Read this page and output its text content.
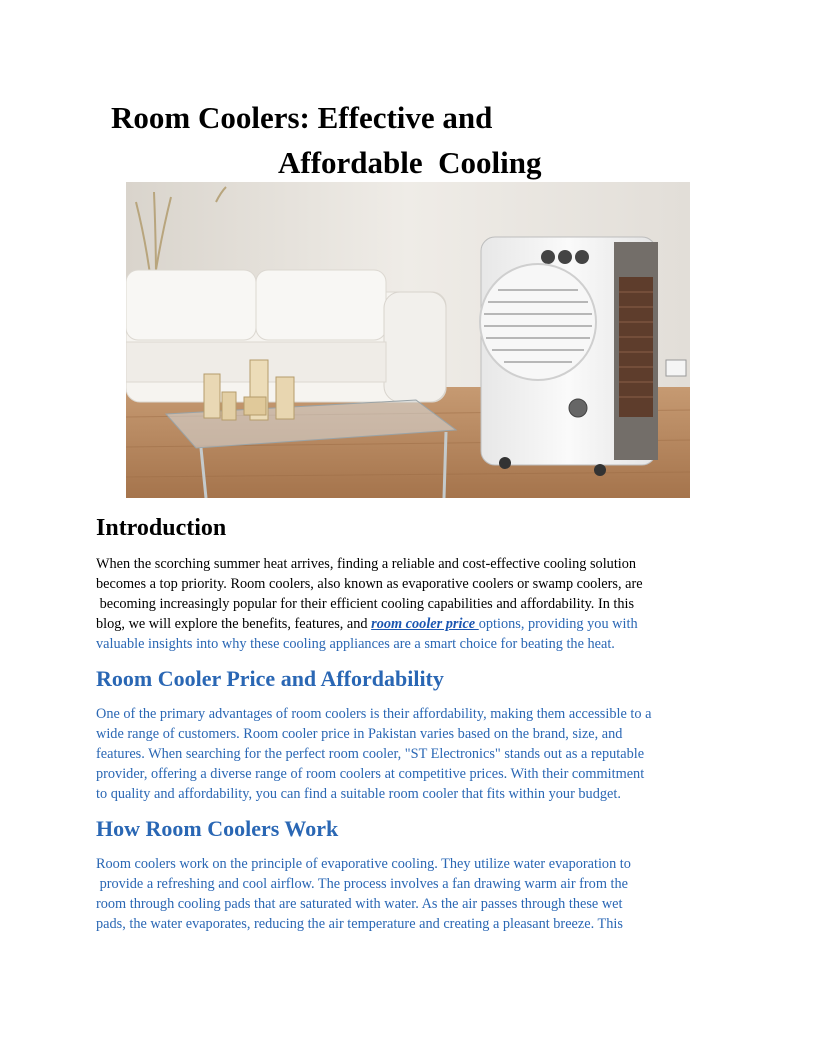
Room Coolers: Effective and
Affordable  Cooling
Introduction
When the scorching summer heat arrives, finding a reliable and cost-effective cooling solution
becomes a top priority. Room coolers, also known as evaporative coolers or swamp coolers, are
becoming increasingly popular for their efficient cooling capabilities and affordability. In this
blog, we will explore the benefits, features, and room cooler price options, providing you with
valuable insights into why these cooling appliances are a smart choice for beating the heat.
Room Cooler Price and Affordability
One of the primary advantages of room coolers is their affordability, making them accessible to a
wide range of customers. Room cooler price in Pakistan varies based on the brand, size, and
features. When searching for the perfect room cooler, "ST Electronics" stands out as a reputable
provider, offering a diverse range of room coolers at competitive prices. With their commitment
to quality and affordability, you can find a suitable room cooler that fits within your budget.
How Room Coolers Work
Room coolers work on the principle of evaporative cooling. They utilize water evaporation to
provide a refreshing and cool airflow. The process involves a fan drawing warm air from the
room through cooling pads that are saturated with water. As the air passes through these wet
pads, the water evaporates, reducing the air temperature and creating a pleasant breeze. This
